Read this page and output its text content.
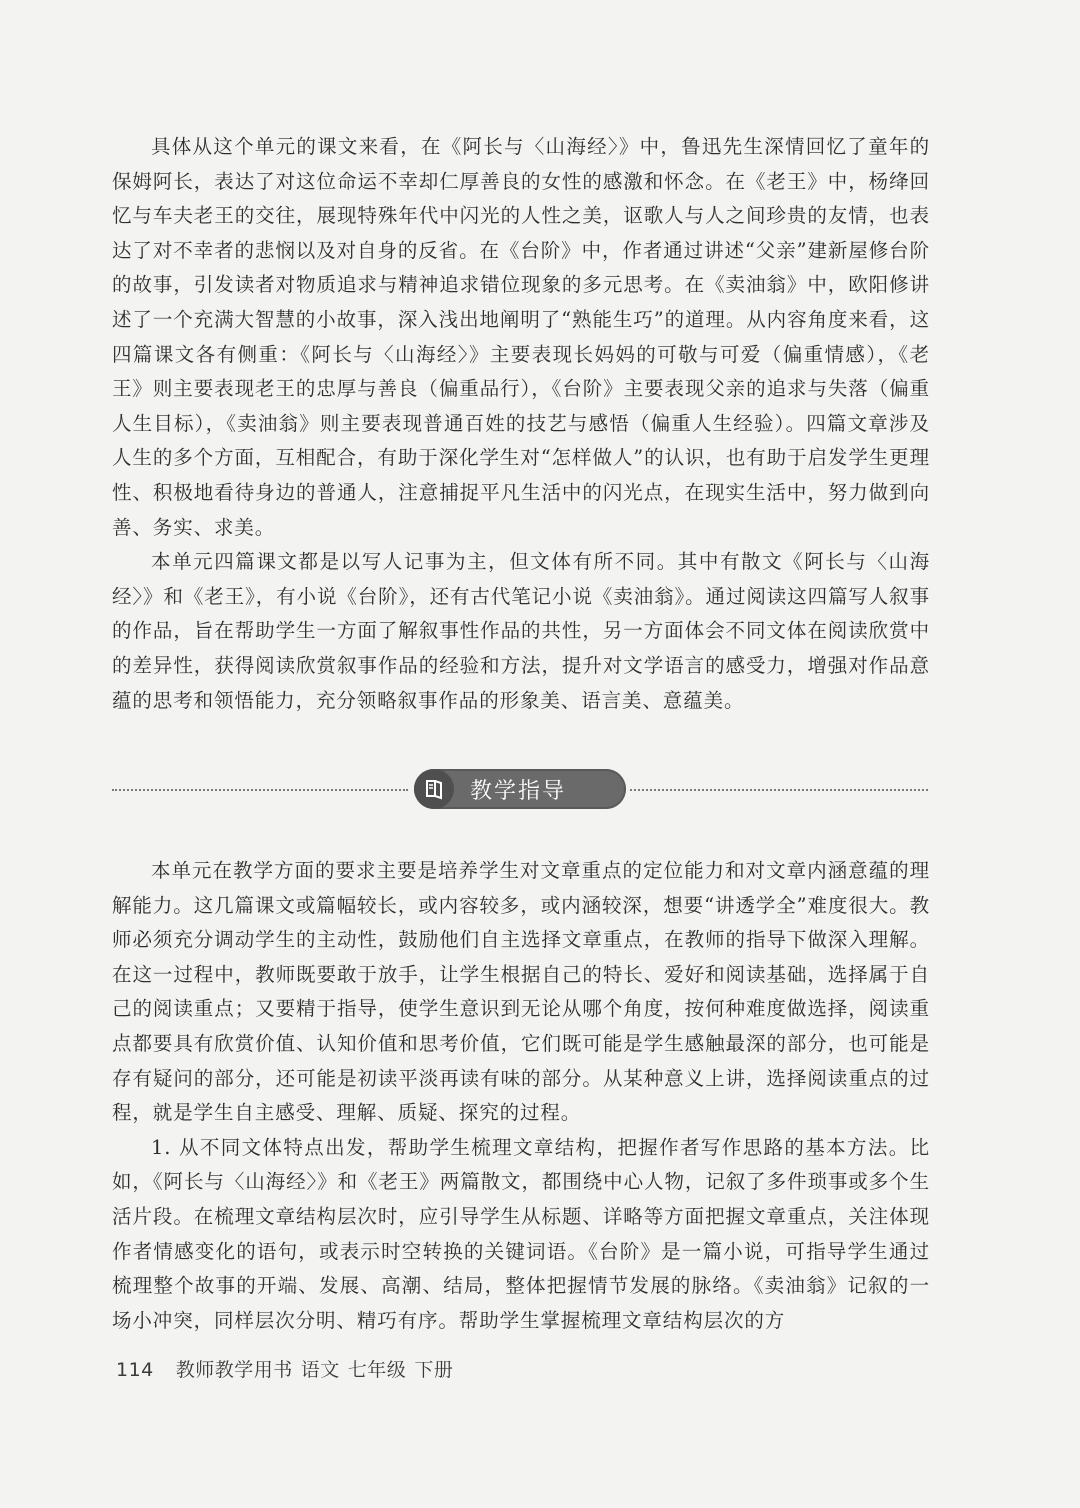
具体从这个单元的课文来看，在《阿长与〈山海经〉》中，鲁迅先生深情回忆了童年的保姆阿长，表达了对这位命运不幸却仁厚善良的女性的感激和怀念。在《老王》中，杨绛回忆与车夫老王的交往，展现特殊年代中闪光的人性之美，讴歌人与人之间珍贵的友情，也表达了对不幸者的悲悯以及对自身的反省。在《台阶》中，作者通过讲述“父亲”建新屋修台阶的故事，引发读者对物质追求与精神追求错位现象的多元思考。在《卖油翁》中，欧阳修讲述了一个充满大智慧的小故事，深入浅出地阐明了“熟能生巧”的道理。从内容角度来看，这四篇课文各有侧重：《阿长与〈山海经〉》主要表现长妈妈的可敬与可爱（偏重情感），《老王》则主要表现老王的忠厚与善良（偏重品行），《台阶》主要表现父亲的追求与失落（偏重人生目标），《卖油翁》则主要表现普通百姓的技艺与感悟（偏重人生经验）。四篇文章涉及人生的多个方面，互相配合，有助于深化学生对“怎样做人”的认识，也有助于启发学生更理性、积极地看待身边的普通人，注意捕捉平凡生活中的闪光点，在现实生活中，努力做到向善、务实、求美。

本单元四篇课文都是以写人记事为主，但文体有所不同。其中有散文《阿长与〈山海经〉》和《老王》，有小说《台阶》，还有古代笔记小说《卖油翁》。通过阅读这四篇写人叙事的作品，旨在帮助学生一方面了解叙事性作品的共性，另一方面体会不同文体在阅读欣赏中的差异性，获得阅读欣赏叙事作品的经验和方法，提升对文学语言的感受力，增强对作品意蕴的思考和领悟能力，充分领略叙事作品的形象美、语言美、意蕴美。

教学指导

本单元在教学方面的要求主要是培养学生对文章重点的定位能力和对文章内涵意蕴的理解能力。这几篇课文或篇幅较长，或内容较多，或内涵较深，想要“讲透学全”难度很大。教师必须充分调动学生的主动性，鼓励他们自主选择文章重点，在教师的指导下做深入理解。在这一过程中，教师既要敢于放手，让学生根据自己的特长、爱好和阅读基础，选择属于自己的阅读重点；又要精于指导，使学生意识到无论从哪个角度，按何种难度做选择，阅读重点都要具有欣赏价值、认知价值和思考价值，它们既可能是学生感触最深的部分，也可能是存有疑问的部分，还可能是初读平淡再读有味的部分。从某种意义上讲，选择阅读重点的过程，就是学生自主感受、理解、质疑、探究的过程。

1. 从不同文体特点出发，帮助学生梳理文章结构，把握作者写作思路的基本方法。比如，《阿长与〈山海经〉》和《老王》两篇散文，都围绕中心人物，记叙了多件琐事或多个生活片段。在梳理文章结构层次时，应引导学生从标题、详略等方面把握文章重点，关注体现作者情感变化的语句，或表示时空转换的关键词语。《台阶》是一篇小说，可指导学生通过梳理整个故事的开端、发展、高潮、结局，整体把握情节发展的脉络。《卖油翁》记叙的一场小冲突，同样层次分明、精巧有序。帮助学生掌握梳理文章结构层次的方

114 教师教学用书 语文 七年级 下册
